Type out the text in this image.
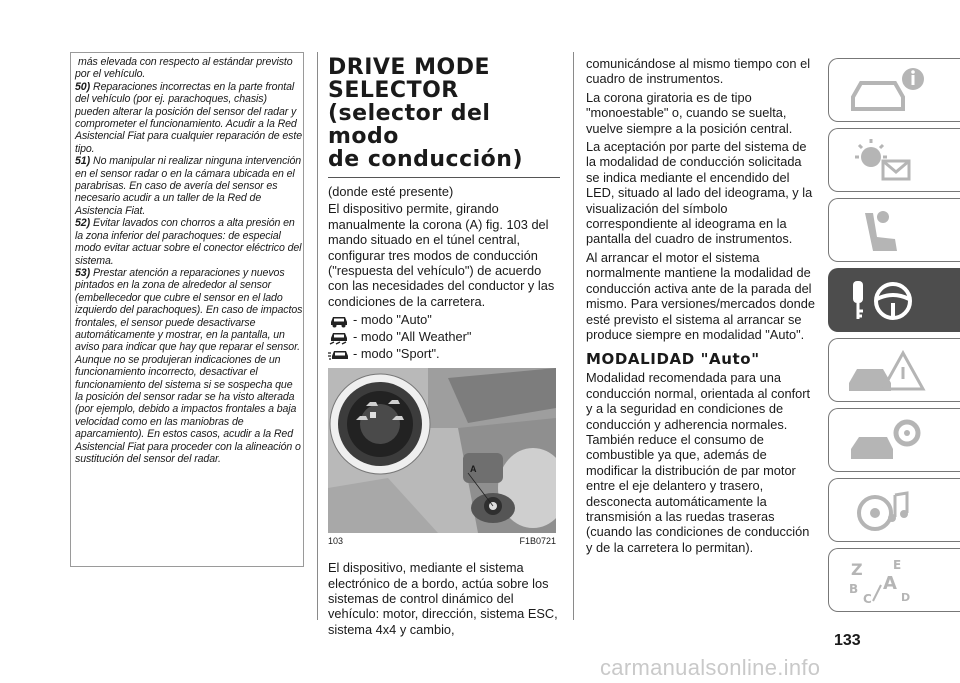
más elevada con respecto al estándar previsto por el vehículo.

50) Reparaciones incorrectas en la parte frontal del vehículo (por ej. parachoques, chasis) pueden alterar la posición del sensor del radar y comprometer el funcionamiento. Acudir a la Red Asistencial Fiat para cualquier reparación de este tipo.

51) No manipular ni realizar ninguna intervención en el sensor radar o en la cámara ubicada en el parabrisas. En caso de avería del sensor es necesario acudir a un taller de la Red de Asistencia Fiat.

52) Evitar lavados con chorros a alta presión en la zona inferior del parachoques: de especial modo evitar actuar sobre el conector eléctrico del sistema.

53) Prestar atención a reparaciones y nuevos pintados en la zona de alrededor al sensor (embellecedor que cubre el sensor en el lado izquierdo del parachoques). En caso de impactos frontales, el sensor puede desactivarse automáticamente y mostrar, en la pantalla, un aviso para indicar que hay que reparar el sensor. Aunque no se produjeran indicaciones de un funcionamiento incorrecto, desactivar el funcionamiento del sistema si se sospecha que la posición del sensor radar se ha visto alterada (por ejemplo, debido a impactos frontales a baja velocidad como en las maniobras de aparcamiento). En estos casos, acudir a la Red Asistencial Fiat para proceder con la alineación o sustitución del sensor del radar.

DRIVE MODE
SELECTOR
(selector del modo
de conducción)

(donde esté presente)

El dispositivo permite, girando manualmente la corona (A) fig. 103 del mando situado en el túnel central, configurar tres modos de conducción ("respuesta del vehículo") de acuerdo con las necesidades del conductor y las condiciones de la carretera.

- modo "Auto"
- modo "All Weather"
- modo "Sport".
A
103	F1B0721

El dispositivo, mediante el sistema electrónico de a bordo, actúa sobre los sistemas de control dinámico del vehículo: motor, dirección, sistema ESC, sistema 4x4 y cambio,

comunicándose al mismo tiempo con el cuadro de instrumentos.

La corona giratoria es de tipo "monoestable" o, cuando se suelta, vuelve siempre a la posición central.

La aceptación por parte del sistema de la modalidad de conducción solicitada se indica mediante el encendido del LED, situado al lado del ideograma, y la visualización del símbolo correspondiente al ideograma en la pantalla del cuadro de instrumentos.

Al arrancar el motor el sistema normalmente mantiene la modalidad de conducción activa ante de la parada del mismo. Para versiones/mercados donde esté previsto el sistema al arrancar se produce siempre en modalidad "Auto".

MODALIDAD "Auto"

Modalidad recomendada para una conducción normal, orientada al confort y a la seguridad en condiciones de conducción y adherencia normales. También reduce el consumo de combustible ya que, además de modificar la distribución de par motor entre el eje delantero y trasero, desconecta automáticamente la transmisión a las ruedas traseras (cuando las condiciones de conducción y de la carretera lo permitan).

Z	E
A
B
C	D
133
carmanualsonline.info
